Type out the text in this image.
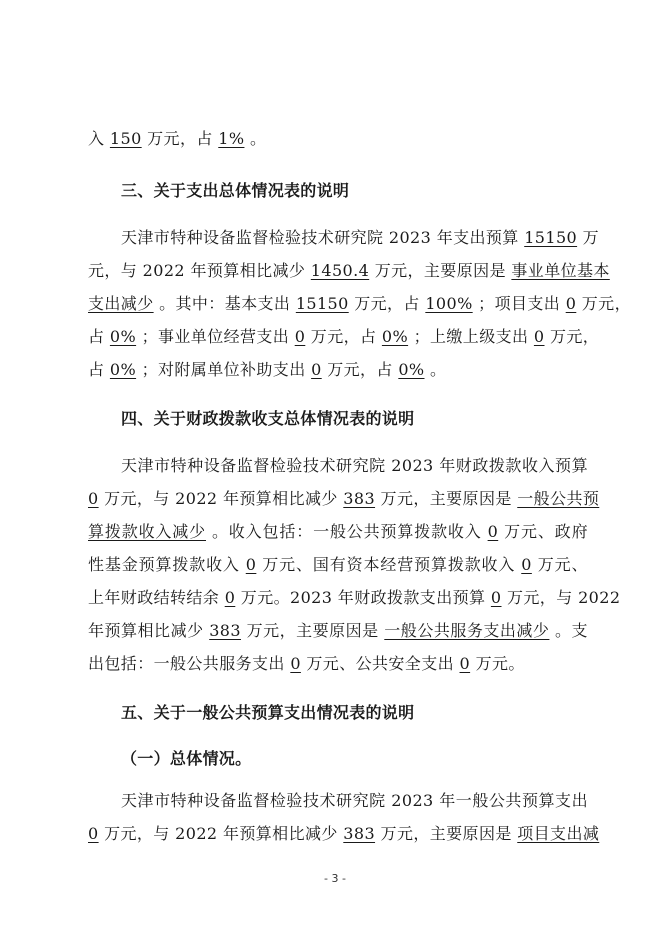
入 150 万元，占 1% 。
三、关于支出总体情况表的说明
天津市特种设备监督检验技术研究院 2023 年支出预算 15150 万
元，与 2022 年预算相比减少 1450.4 万元，主要原因是 事业单位基本
支出减少 。其中：基本支出 15150 万元，占 100% ；项目支出 0 万元，
占 0% ；事业单位经营支出 0 万元，占 0% ；上缴上级支出 0 万元，
占 0% ；对附属单位补助支出 0 万元，占 0% 。
四、关于财政拨款收支总体情况表的说明
天津市特种设备监督检验技术研究院 2023 年财政拨款收入预算
0 万元，与 2022 年预算相比减少 383 万元，主要原因是 一般公共预
算拨款收入减少 。收入包括：一般公共预算拨款收入 0 万元、政府
性基金预算拨款收入 0 万元、国有资本经营预算拨款收入 0 万元、
上年财政结转结余 0 万元。2023 年财政拨款支出预算 0 万元，与 2022
年预算相比减少 383 万元，主要原因是 一般公共服务支出减少 。支
出包括：一般公共服务支出 0 万元、公共安全支出 0 万元。
五、关于一般公共预算支出情况表的说明
（一）总体情况。
天津市特种设备监督检验技术研究院 2023 年一般公共预算支出
0 万元，与 2022 年预算相比减少 383 万元，主要原因是 项目支出减
- 3 -
